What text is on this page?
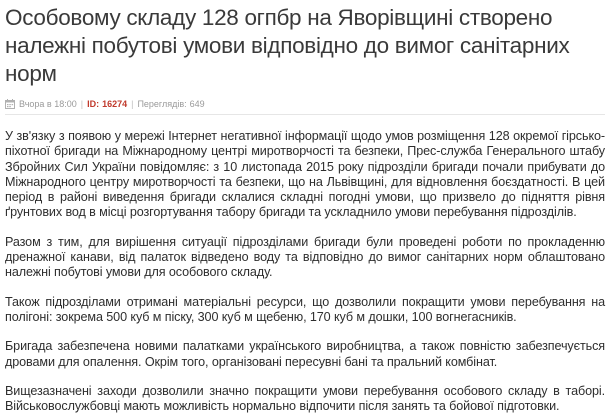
Особовому складу 128 огпбр на Яворівщині створено належні побутові умови відповідно до вимог санітарних норм
Вчора в 18:00 | ID: 16274 | Переглядів: 649

У зв'язку з появою у мережі Інтернет негативної інформації щодо умов розміщення 128 окремої гірсько-піхотної бригади на Міжнародному центрі миротворчості та безпеки, Прес-служба Генерального штабу Збройних Сил України повідомляє: з 10 листопада 2015 року підрозділи бригади почали прибувати до Міжнародного центру миротворчості та безпеки, що на Львівщині, для відновлення боєздатності. В цей період в районі виведення бригади склалися складні погодні умови, що призвело до підняття рівня ґрунтових вод в місці розгортування табору бригади та ускладнило умови перебування підрозділів.

Разом з тим, для вирішення ситуації підрозділами бригади були проведені роботи по прокладенню дренажної канави, від палаток відведено воду та відповідно до вимог санітарних норм облаштовано належні побутові умови для особового складу.

Також підрозділами отримані матеріальні ресурси, що дозволили покращити умови перебування на полігоні: зокрема 500 куб м піску, 300 куб м щебеню, 170 куб м дошки, 100 вогнегасників.

Бригада забезпечена новими палатками українського виробництва, а також повністю забезпечується дровами для опалення. Окрім того, організовані пересувні бані та пральний комбінат.

Вищезазначені заходи дозволили значно покращити умови перебування особового складу в таборі. Військовослужбовці мають можливість нормально відпочити після занять та бойової підготовки.
